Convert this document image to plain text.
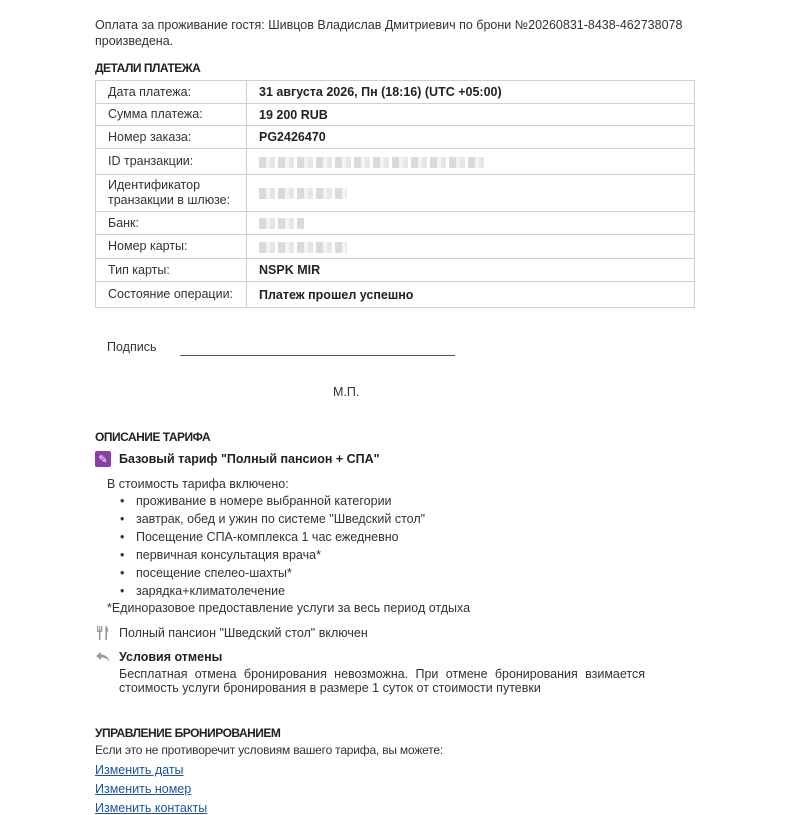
Оплата за проживание гостя: Шивцов Владислав Дмитриевич по брони №20260831-8438-462738078 произведена.
ДЕТАЛИ ПЛАТЕЖА
Дата платежа:	31 августа 2026, Пн (18:16) (UTC +05:00)
Сумма платежа:	19 200 RUB
Номер заказа:	PG2426470
ID транзакции:	
Идентификатор транзакции в шлюзе:	
Банк:	
Номер карты:	
Тип карты:	NSPK MIR
Состояние операции:	Платеж прошел успешно
Подпись
М.П.
ОПИСАНИЕ ТАРИФА
✎ Базовый тариф "Полный пансион + СПА"
В стоимость тарифа включено:
• проживание в номере выбранной категории
• завтрак, обед и ужин по системе "Шведский стол"
• Посещение СПА-комплекса 1 час ежедневно
• первичная консультация врача*
• посещение спелео-шахты*
• зарядка+климатолечение
*Единоразовое предоставление услуги за весь период отдыха
Полный пансион "Шведский стол" включен
Условия отмены
Бесплатная отмена бронирования невозможна. При отмене бронирования взимается стоимость услуги бронирования в размере 1 суток от стоимости путевки
УПРАВЛЕНИЕ БРОНИРОВАНИЕМ
Если это не противоречит условиям вашего тарифа, вы можете:
Изменить даты
Изменить номер
Изменить контакты
